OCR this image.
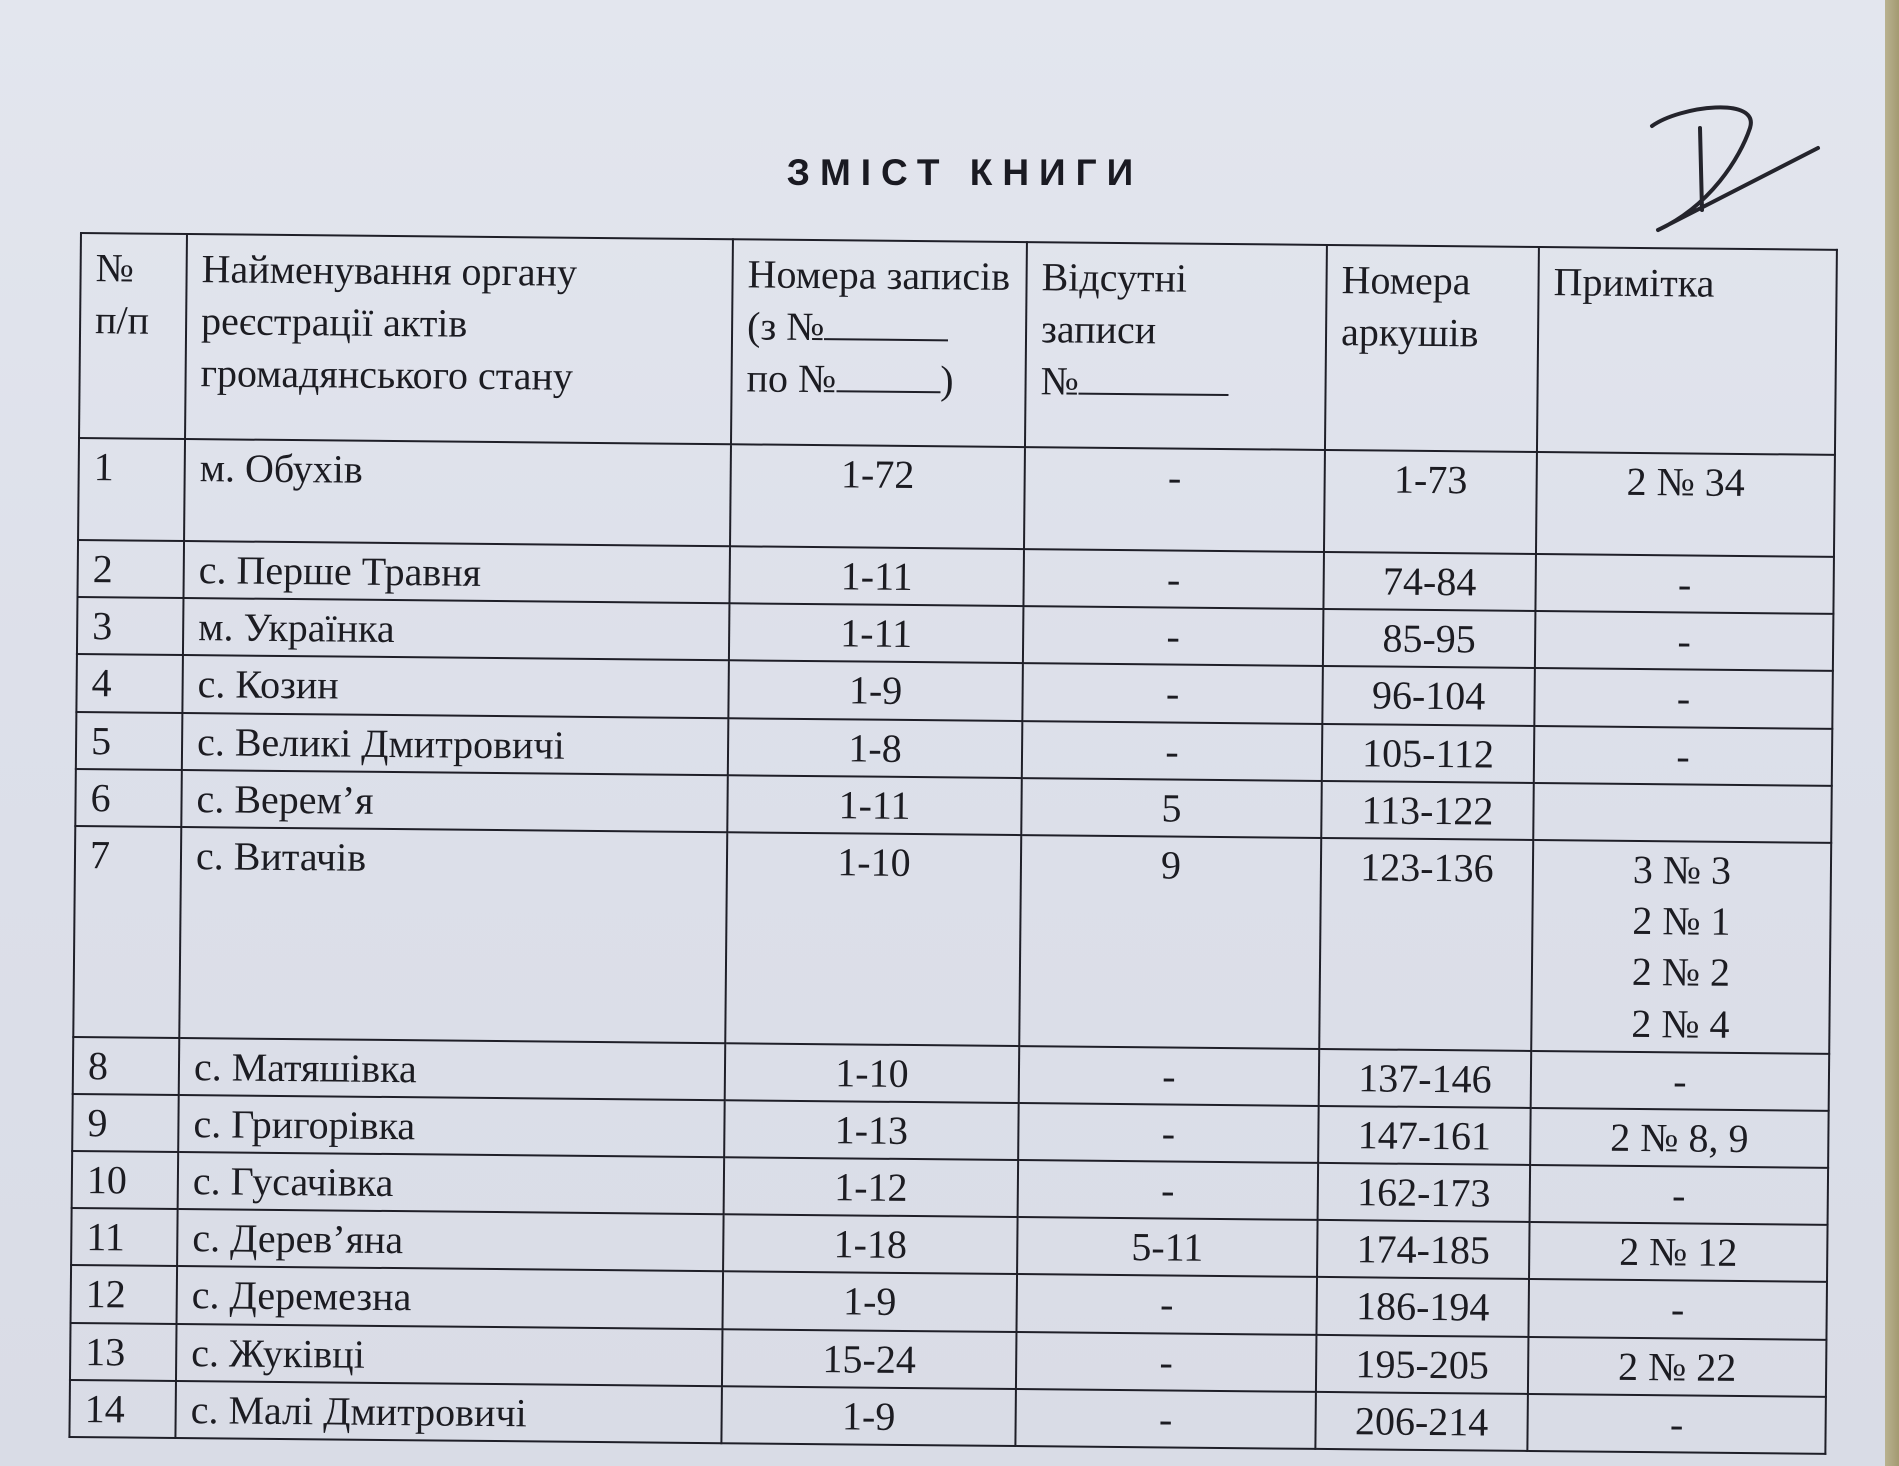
ЗМІСТ КНИГИ
№ п/п	Найменування органу реєстрації актів громадянського стану	Номера записів
(з №
по № )	Відсутні записи
№	Номера аркушів	Примітка
1	м. Обухів	1-72	-	1-73	2 № 34

2	с. Перше Травня	1-11	-	74-84	-

3	м. Українка	1-11	-	85-95	-

4	с. Козин	1-9	-	96-104	-

5	с. Великі Дмитровичі	1-8	-	105-112	-

6	с. Верем’я	1-11	5	113-122	

7	с. Витачів	1-10	9	123-136	3 № 3
2 № 1
2 № 2
2 № 4

8	с. Матяшівка	1-10	-	137-146	-

9	с. Григорівка	1-13	-	147-161	2 № 8, 9

10	с. Гусачівка	1-12	-	162-173	-

11	с. Дерев’яна	1-18	5-11	174-185	2 № 12

12	с. Деремезна	1-9	-	186-194	-

13	с. Жуківці	15-24	-	195-205	2 № 22

14	с. Малі Дмитровичі	1-9	-	206-214	-
